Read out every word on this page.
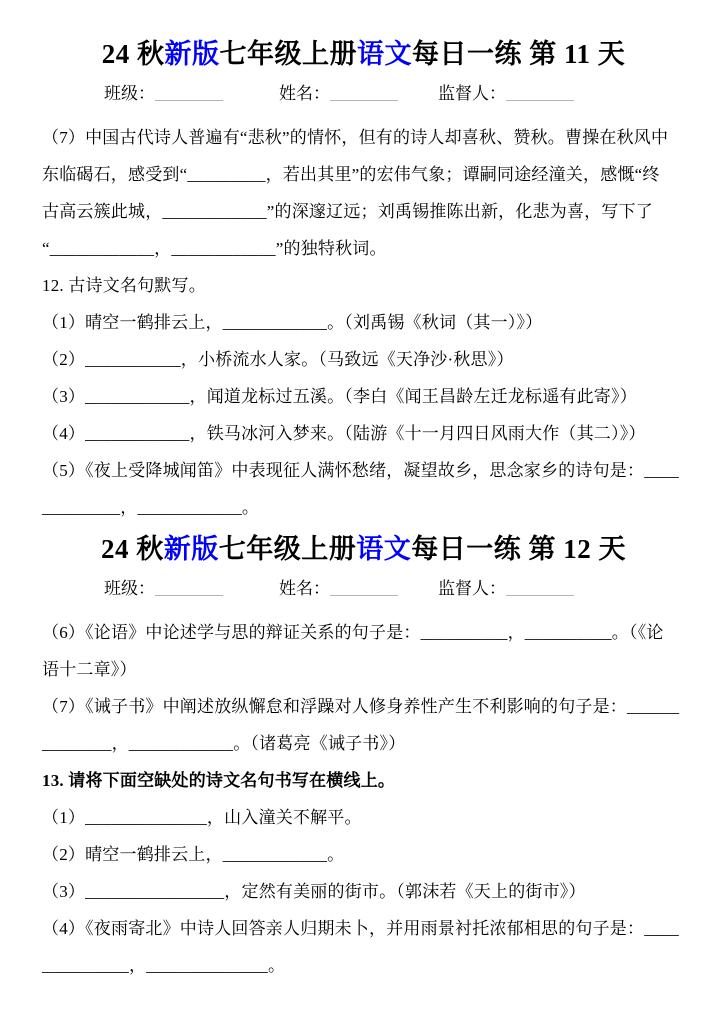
24 秋新版七年级上册语文每日一练 第 11 天
班级：________	姓名：________ 监督人：________
（7）中国古代诗人普遍有“悲秋”的情怀，但有的诗人却喜秋、赞秋。曹操在秋风中
东临碣石，感受到“_________，若出其里”的宏伟气象；谭嗣同途经潼关，感慨“终
古高云簇此城，____________”的深邃辽远；刘禹锡推陈出新，化悲为喜，写下了
“____________，____________”的独特秋词。
12. 古诗文名句默写。
（1）晴空一鹤排云上，____________。（刘禹锡《秋词（其一）》）
（2）___________，小桥流水人家。（马致远《天净沙·秋思》）
（3）____________，闻道龙标过五溪。（李白《闻王昌龄左迁龙标遥有此寄》）
（4）____________，铁马冰河入梦来。（陆游《十一月四日风雨大作（其二）》）
（5）《夜上受降城闻笛》中表现征人满怀愁绪，凝望故乡，思念家乡的诗句是：____
_________，____________。
24 秋新版七年级上册语文每日一练 第 12 天
班级：________	姓名：________ 监督人：________
（6）《论语》中论述学与思的辩证关系的句子是：__________，__________。（《论
语十二章》）
（7）《诫子书》中阐述放纵懈怠和浮躁对人修身养性产生不利影响的句子是：______
________，____________。（诸葛亮《诫子书》）
13. 请将下面空缺处的诗文名句书写在横线上。
（1）______________，山入潼关不解平。
（2）晴空一鹤排云上，____________。
（3）________________，定然有美丽的街市。（郭沫若《天上的街市》）
（4）《夜雨寄北》中诗人回答亲人归期未卜，并用雨景衬托浓郁相思的句子是：____
__________，______________。
